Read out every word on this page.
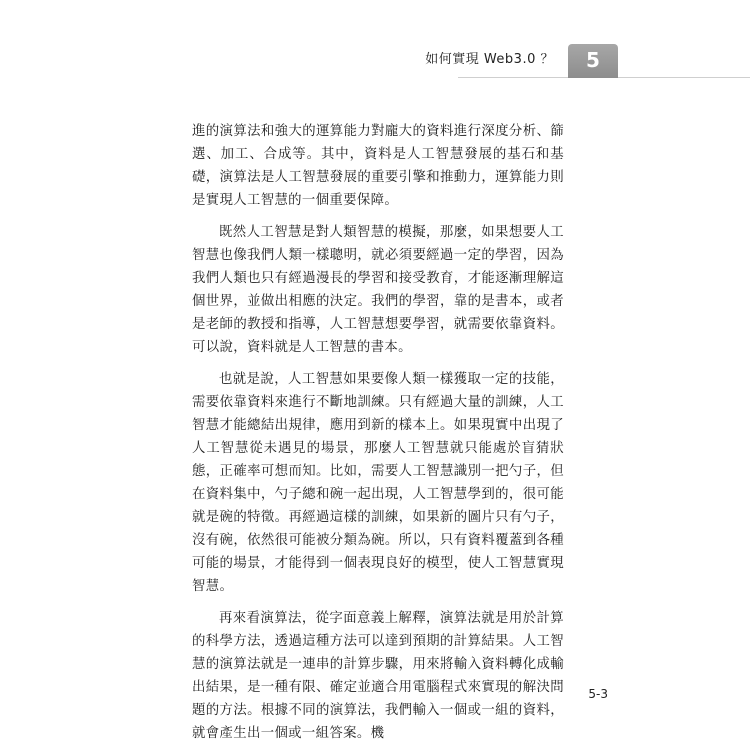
如何實現 Web3.0 ？	5

進的演算法和強大的運算能力對龐大的資料進行深度分析、篩選、加工、合成等。其中，資料是人工智慧發展的基石和基礎，演算法是人工智慧發展的重要引擎和推動力，運算能力則是實現人工智慧的一個重要保障。

既然人工智慧是對人類智慧的模擬，那麼，如果想要人工智慧也像我們人類一樣聰明，就必須要經過一定的學習，因為我們人類也只有經過漫長的學習和接受教育，才能逐漸理解這個世界，並做出相應的決定。我們的學習，靠的是書本，或者是老師的教授和指導，人工智慧想要學習，就需要依靠資料。可以說，資料就是人工智慧的書本。

也就是說，人工智慧如果要像人類一樣獲取一定的技能，需要依靠資料來進行不斷地訓練。只有經過大量的訓練，人工智慧才能總結出規律，應用到新的樣本上。如果現實中出現了人工智慧從未遇見的場景，那麼人工智慧就只能處於盲猜狀態，正確率可想而知。比如，需要人工智慧識別一把勺子，但在資料集中，勺子總和碗一起出現，人工智慧學到的，很可能就是碗的特徵。再經過這樣的訓練，如果新的圖片只有勺子，沒有碗，依然很可能被分類為碗。所以，只有資料覆蓋到各種可能的場景，才能得到一個表現良好的模型，使人工智慧實現智慧。

再來看演算法，從字面意義上解釋，演算法就是用於計算的科學方法，透過這種方法可以達到預期的計算結果。人工智慧的演算法就是一連串的計算步驟，用來將輸入資料轉化成輸出結果，是一種有限、確定並適合用電腦程式來實現的解決問題的方法。根據不同的演算法，我們輸入一個或一組的資料，就會產生出一個或一組答案。機

5-3
